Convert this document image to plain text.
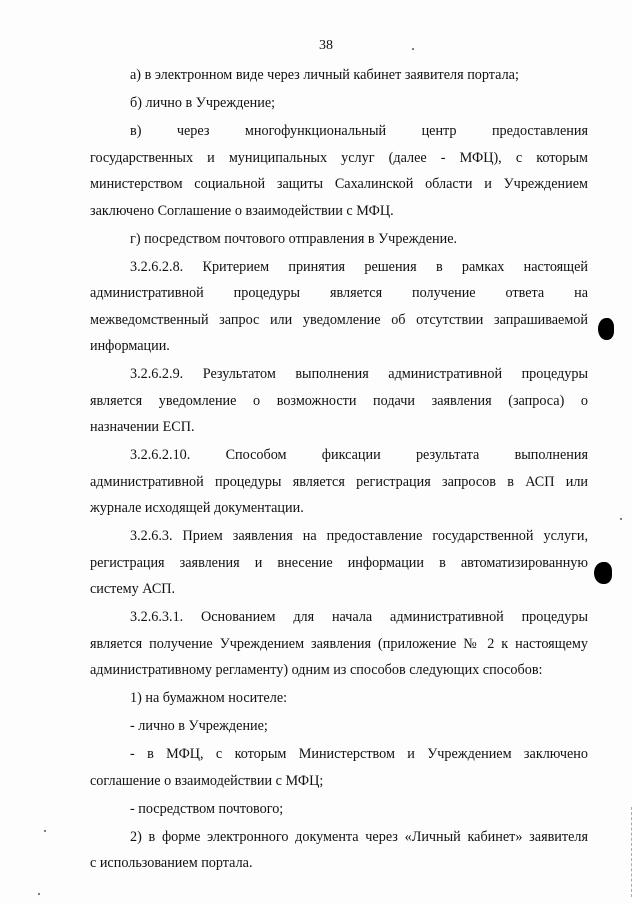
38

а) в электронном виде через личный кабинет заявителя портала;

б) лично в Учреждение;

в) через многофункциональный центр предоставления
государственных и муниципальных услуг (далее - МФЦ), с которым
министерством социальной защиты Сахалинской области и Учреждением
заключено Соглашение о взаимодействии с МФЦ.

г) посредством почтового отправления в Учреждение.

3.2.6.2.8. Критерием принятия решения в рамках настоящей
административной процедуры является получение ответа на
межведомственный запрос или уведомление об отсутствии запрашиваемой
информации.

3.2.6.2.9. Результатом выполнения административной процедуры
является уведомление о возможности подачи заявления (запроса) о
назначении ЕСП.

3.2.6.2.10. Способом фиксации результата выполнения
административной процедуры является регистрация запросов в АСП или
журнале исходящей документации.

3.2.6.3. Прием заявления на предоставление государственной услуги,
регистрация заявления и внесение информации в автоматизированную
систему АСП.

3.2.6.3.1. Основанием для начала административной процедуры
является получение Учреждением заявления (приложение № 2 к настоящему
административному регламенту) одним из способов следующих способов:

1) на бумажном носителе:

- лично в Учреждение;

- в МФЦ, с которым Министерством и Учреждением заключено
соглашение о взаимодействии с МФЦ;

- посредством почтового;

2) в форме электронного документа через «Личный кабинет» заявителя
с использованием портала.
